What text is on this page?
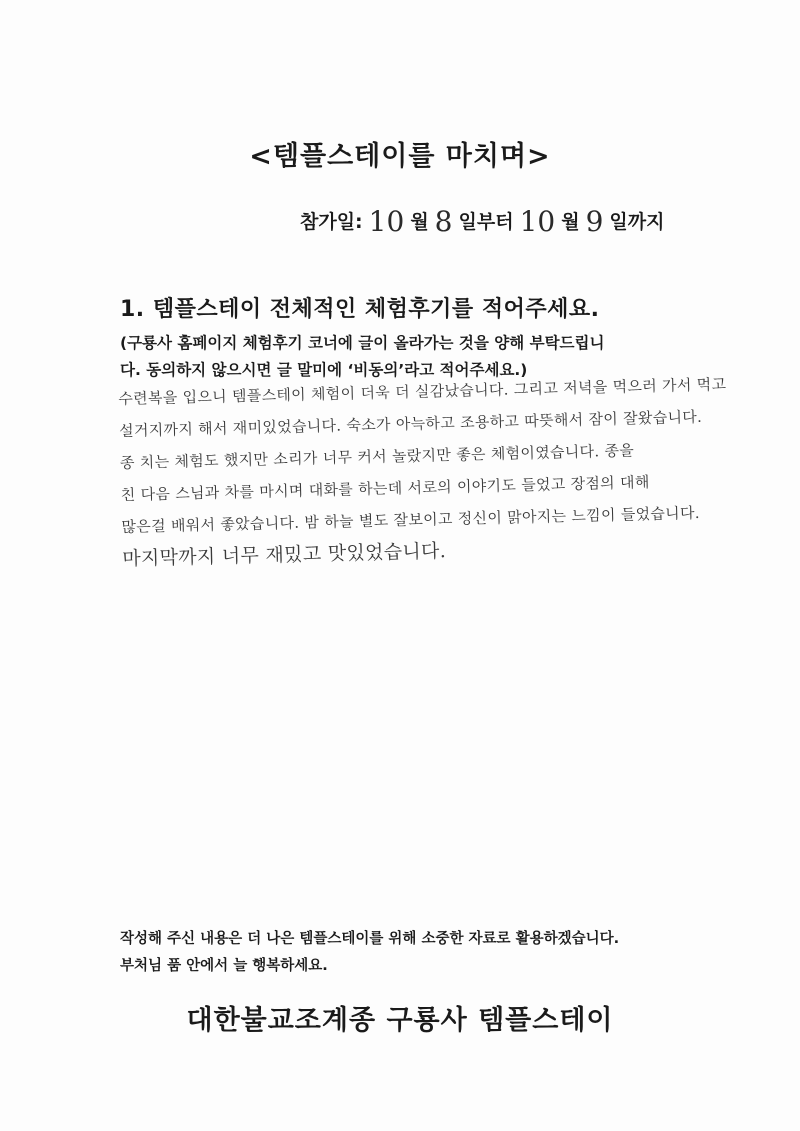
<템플스테이를 마치며>
참가일: 10 월 8 일부터 10 월 9 일까지
1. 템플스테이 전체적인 체험후기를 적어주세요.
(구룡사 홈페이지 체험후기 코너에 글이 올라가는 것을 양해 부탁드립니
다. 동의하지 않으시면 글 말미에 ‘비동의’라고 적어주세요.)
수련복을 입으니 템플스테이 체험이 더욱 더 실감났습니다. 그리고 저녁을 먹으러 가서 먹고
설거지까지 해서 재미있었습니다. 숙소가 아늑하고 조용하고 따뜻해서 잠이 잘왔습니다.
종 치는 체험도 했지만 소리가 너무 커서 놀랐지만 좋은 체험이였습니다. 종을
친 다음 스님과 차를 마시며 대화를 하는데 서로의 이야기도 들었고 장점의 대해
많은걸 배워서 좋았습니다. 밤 하늘 별도 잘보이고 정신이 맑아지는 느낌이 들었습니다.
마지막까지 너무 재밌고 맛있었습니다.
작성해 주신 내용은 더 나은 템플스테이를 위해 소중한 자료로 활용하겠습니다.
부처님 품 안에서 늘 행복하세요.
대한불교조계종 구룡사 템플스테이
